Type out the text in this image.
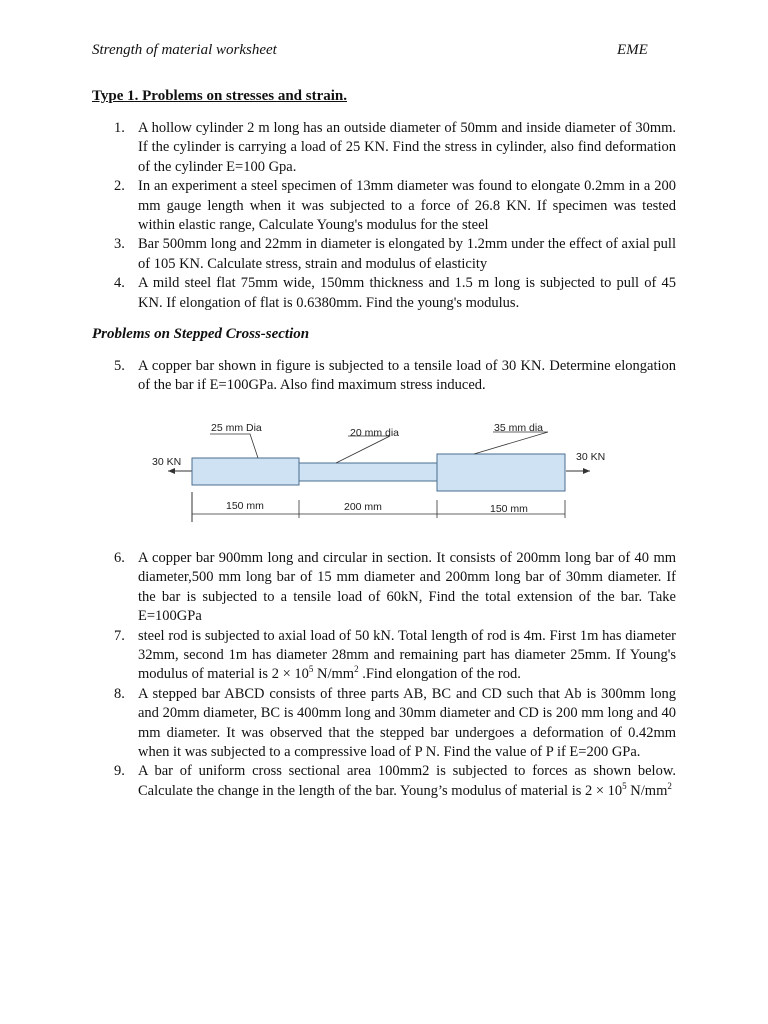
Strength of material worksheet	EME
Type 1. Problems on stresses and strain.
1. A hollow cylinder 2 m long has an outside diameter of 50mm and inside diameter of 30mm. If the cylinder is carrying a load of 25 KN. Find the stress in cylinder, also find deformation of the cylinder E=100 Gpa.
2. In an experiment a steel specimen of 13mm diameter was found to elongate 0.2mm in a 200 mm gauge length when it was subjected to a force of 26.8 KN. If specimen was tested within elastic range, Calculate Young's modulus for the steel
3. Bar 500mm long and 22mm in diameter is elongated by 1.2mm under the effect of axial pull of 105 KN. Calculate stress, strain and modulus of elasticity
4. A mild steel flat 75mm wide, 150mm thickness and 1.5 m long is subjected to pull of 45 KN. If elongation of flat is 0.6380mm. Find the young's modulus.
Problems on Stepped Cross-section
5. A copper bar shown in figure is subjected to a tensile load of 30 KN. Determine elongation of the bar if E=100GPa. Also find maximum stress induced.
30 KN	30 KN
25 mm Dia	20 mm dia	35 mm dia
150 mm	200 mm	150 mm
6. A copper bar 900mm long and circular in section. It consists of 200mm long bar of 40 mm diameter,500 mm long bar of 15 mm diameter and 200mm long bar of 30mm diameter. If the bar is subjected to a tensile load of 60kN, Find the total extension of the bar. Take E=100GPa
7. steel rod is subjected to axial load of 50 kN. Total length of rod is 4m. First 1m has diameter 32mm, second 1m has diameter 28mm and remaining part has diameter 25mm. If Young's modulus of material is $2 \times 10^5$ $N/mm^2$ .Find elongation of the rod.
8. A stepped bar ABCD consists of three parts AB, BC and CD such that Ab is 300mm long and 20mm diameter, BC is 400mm long and 30mm diameter and CD is 200 mm long and 40 mm diameter. It was observed that the stepped bar undergoes a deformation of 0.42mm when it was subjected to a compressive load of P N. Find the value of P if E=200 GPa.
9. A bar of uniform cross sectional area 100mm2 is subjected to forces as shown below. Calculate the change in the length of the bar. Young’s modulus of material is $2 \times 10^5$ $N/mm^2$
